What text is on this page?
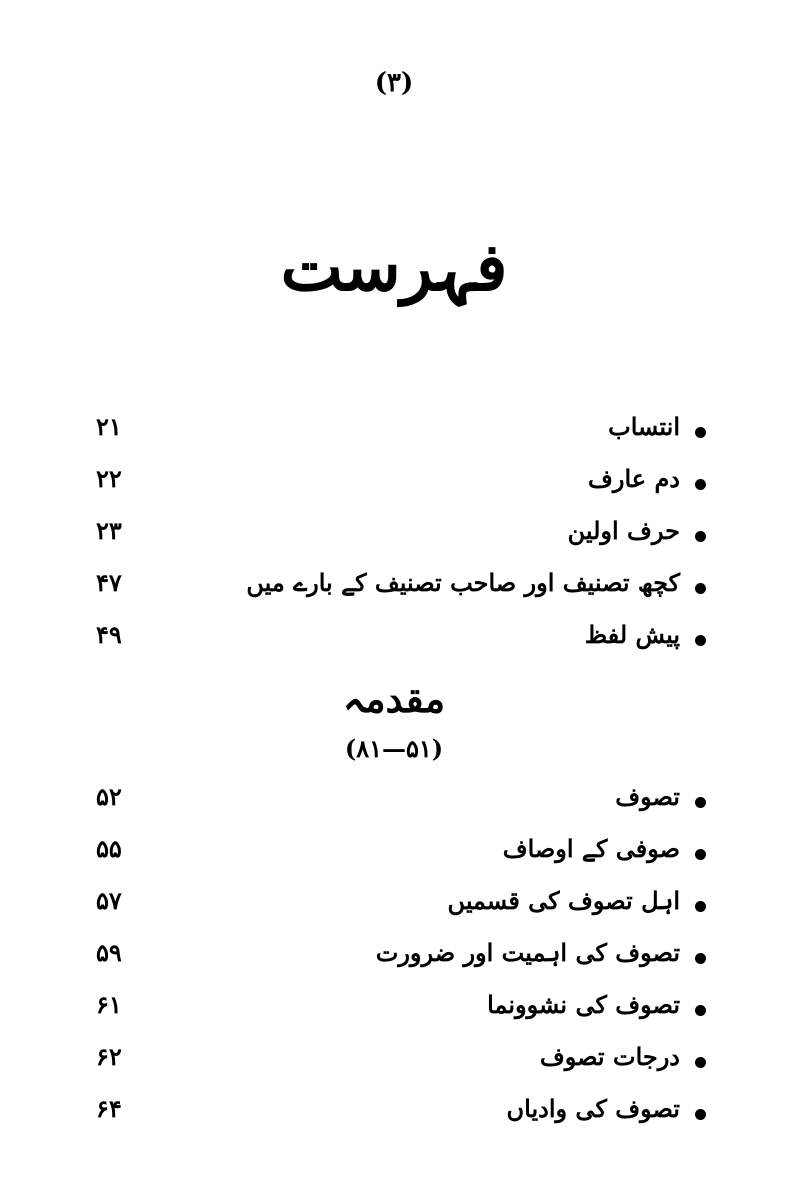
(۳)
فہرست
انتساب
۲۱
دم عارف
۲۲
حرف اولین
۲۳
کچھ تصنیف اور صاحب تصنیف کے بارے میں
۴۷
پیش لفظ
۴۹
مقدمہ
(۵۱—۸۱)
تصوف
۵۲
صوفی کے اوصاف
۵۵
اہل تصوف کی قسمیں
۵۷
تصوف کی اہمیت اور ضرورت
۵۹
تصوف کی نشوونما
۶۱
درجات تصوف
۶۲
تصوف کی وادیاں
۶۴
